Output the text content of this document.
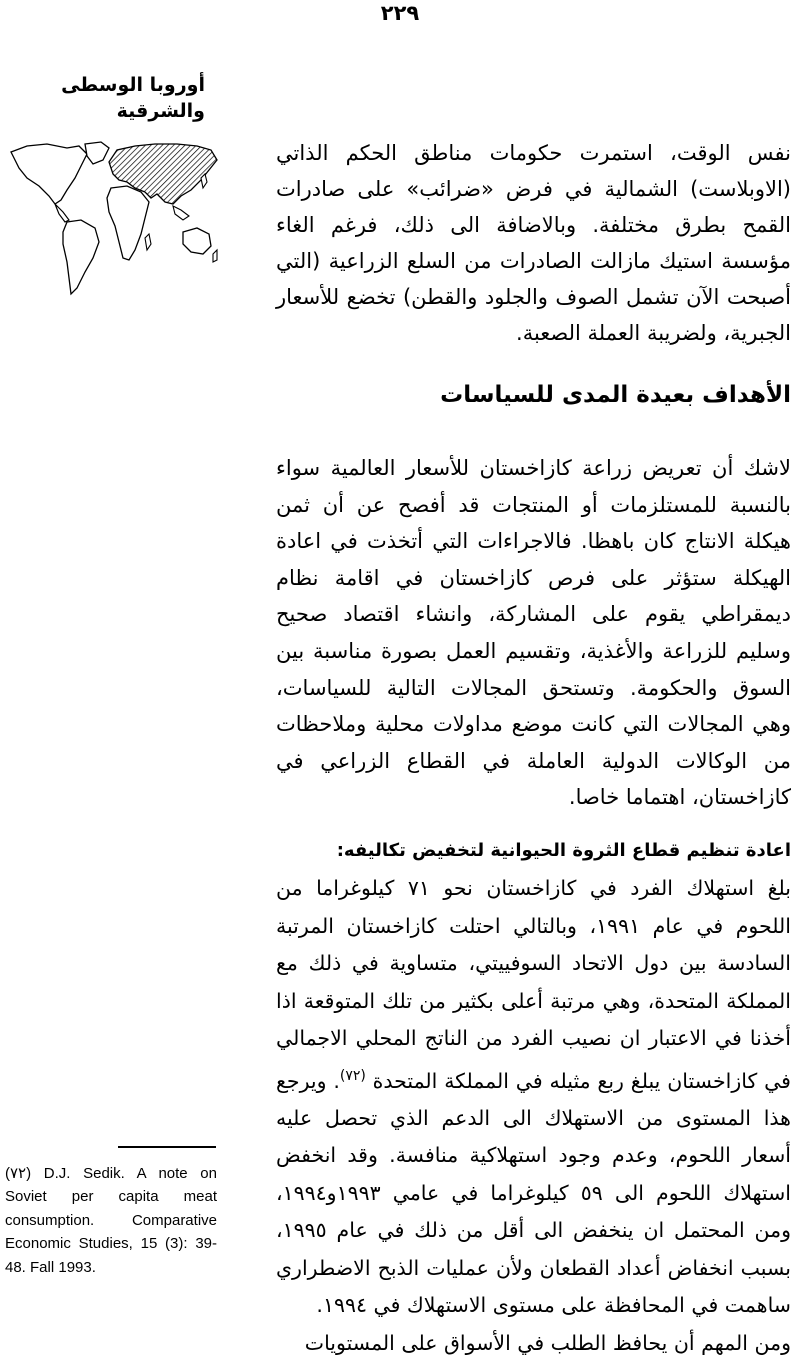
٢٢٩
أوروبا الوسطى والشرقية

نفس الوقت، استمرت حكومات مناطق الحكم الذاتي (الاوبلاست) الشمالية في فرض «ضرائب» على صادرات القمح بطرق مختلفة. وبالاضافة الى ذلك، فرغم الغاء مؤسسة استيك مازالت الصادرات من السلع الزراعية (التي أصبحت الآن تشمل الصوف والجلود والقطن) تخضع للأسعار الجبرية، ولضريبة العملة الصعبة.

الأهداف بعيدة المدى للسياسات

لاشك أن تعريض زراعة كازاخستان للأسعار العالمية سواء بالنسبة للمستلزمات أو المنتجات قد أفصح عن أن ثمن هيكلة الانتاج كان باهظا. فالاجراءات التي أتخذت في اعادة الهيكلة ستؤثر على فرص كازاخستان في اقامة نظام ديمقراطي يقوم على المشاركة، وانشاء اقتصاد صحيح وسليم للزراعة والأغذية، وتقسيم العمل بصورة مناسبة بين السوق والحكومة. وتستحق المجالات التالية للسياسات، وهي المجالات التي كانت موضع مداولات محلية وملاحظات من الوكالات الدولية العاملة في القطاع الزراعي في كازاخستان، اهتماما خاصا.

اعادة تنظيم قطاع الثروة الحيوانية لتخفيض تكاليفه:

بلغ استهلاك الفرد في كازاخستان نحو ٧١ كيلوغراما من اللحوم في عام ١٩٩١، وبالتالي احتلت كازاخستان المرتبة السادسة بين دول الاتحاد السوفييتي، متساوية في ذلك مع المملكة المتحدة، وهي مرتبة أعلى بكثير من تلك المتوقعة اذا أخذنا في الاعتبار ان نصيب الفرد من الناتج المحلي الاجمالي في كازاخستان يبلغ ربع مثيله في المملكة المتحدة $^{(٧٢)}$. ويرجع هذا المستوى من الاستهلاك الى الدعم الذي تحصل عليه أسعار اللحوم، وعدم وجود استهلاكية منافسة. وقد انخفض استهلاك اللحوم الى ٥٩ كيلوغراما في عامي ١٩٩٣و١٩٩٤، ومن المحتمل ان ينخفض الى أقل من ذلك في عام ١٩٩٥، بسبب انخفاض أعداد القطعان ولأن عمليات الذبح الاضطراري ساهمت في المحافظة على مستوى الاستهلاك في ١٩٩٤.

ومن المهم أن يحافظ الطلب في الأسواق على المستويات

(٧٢) D.J. Sedik. A note on Soviet per capita meat consumption. Comparative Economic Studies, 15 (3): 39-48. Fall 1993.
